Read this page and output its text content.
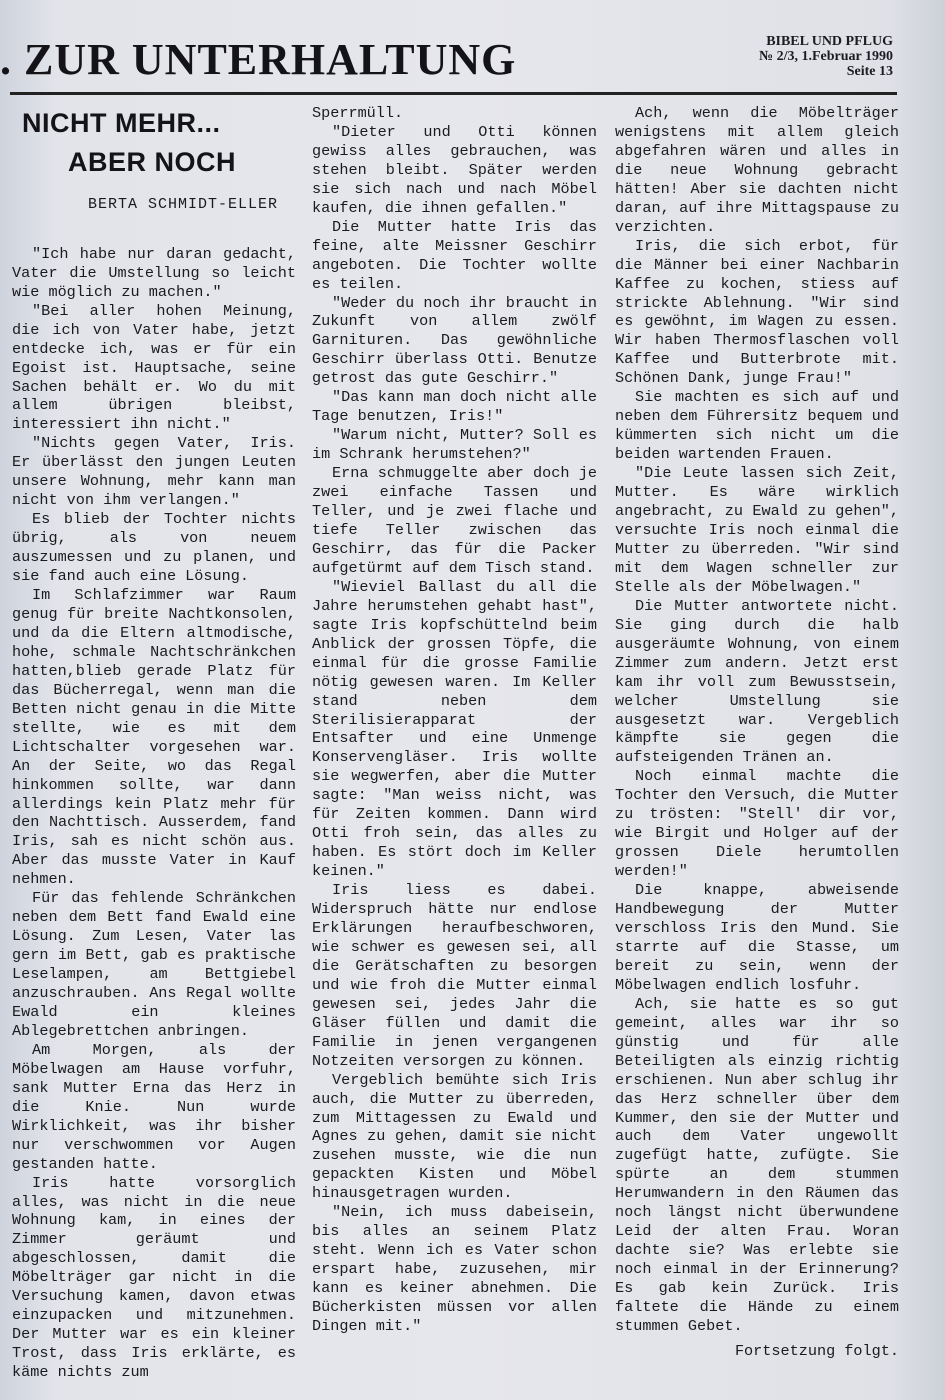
. ZUR UNTERHALTUNG	BIBEL UND PFLUG
№ 2/3, 1.Februar 1990
Seite 13
NICHT MEHR...
ABER NOCH
BERTA SCHMIDT-ELLER

"Ich habe nur daran gedacht, Vater die Umstellung so leicht wie möglich zu machen."

"Bei aller hohen Meinung, die ich von Vater habe, jetzt entdecke ich, was er für ein Egoist ist. Hauptsache, seine Sachen behält er. Wo du mit allem übrigen bleibst, interessiert ihn nicht."

"Nichts gegen Vater, Iris. Er überlässt den jungen Leuten unsere Wohnung, mehr kann man nicht von ihm verlangen."

Es blieb der Tochter nichts übrig, als von neuem auszumessen und zu planen, und sie fand auch eine Lösung.

Im Schlafzimmer war Raum genug für breite Nachtkonsolen, und da die Eltern altmodische, hohe, schmale Nachtschränkchen hatten,blieb gerade Platz für das Bücherregal, wenn man die Betten nicht genau in die Mitte stellte, wie es mit dem Lichtschalter vorgesehen war. An der Seite, wo das Regal hinkommen sollte, war dann allerdings kein Platz mehr für den Nachttisch. Ausserdem, fand Iris, sah es nicht schön aus. Aber das musste Vater in Kauf nehmen.

Für das fehlende Schränkchen neben dem Bett fand Ewald eine Lösung. Zum Lesen, Vater las gern im Bett, gab es praktische Leselampen, am Bettgiebel anzuschrauben. Ans Regal wollte Ewald ein kleines Ablegebrettchen anbringen.

Am Morgen, als der Möbelwagen am Hause vorfuhr, sank Mutter Erna das Herz in die Knie. Nun wurde Wirklichkeit, was ihr bisher nur verschwommen vor Augen gestanden hatte.

Iris hatte vorsorglich alles, was nicht in die neue Wohnung kam, in eines der Zimmer geräumt und abgeschlossen, damit die Möbelträger gar nicht in die Versuchung kamen, davon etwas einzupacken und mitzunehmen. Der Mutter war es ein kleiner Trost, dass Iris erklärte, es käme nichts zum

Sperrmüll.

"Dieter und Otti können gewiss alles gebrauchen, was stehen bleibt. Später werden sie sich nach und nach Möbel kaufen, die ihnen gefallen."

Die Mutter hatte Iris das feine, alte Meissner Geschirr angeboten. Die Tochter wollte es teilen.

"Weder du noch ihr braucht in Zukunft von allem zwölf Garnituren. Das gewöhnliche Geschirr überlass Otti. Benutze getrost das gute Geschirr."

"Das kann man doch nicht alle Tage benutzen, Iris!"

"Warum nicht, Mutter? Soll es im Schrank herumstehen?"

Erna schmuggelte aber doch je zwei einfache Tassen und Teller, und je zwei flache und tiefe Teller zwischen das Geschirr, das für die Packer aufgetürmt auf dem Tisch stand.

"Wieviel Ballast du all die Jahre herumstehen gehabt hast", sagte Iris kopfschüttelnd beim Anblick der grossen Töpfe, die einmal für die grosse Familie nötig gewesen waren. Im Keller stand neben dem Sterilisierapparat der Entsafter und eine Unmenge Konservengläser. Iris wollte sie wegwerfen, aber die Mutter sagte: "Man weiss nicht, was für Zeiten kommen. Dann wird Otti froh sein, das alles zu haben. Es stört doch im Keller keinen."

Iris liess es dabei. Widerspruch hätte nur endlose Erklärungen heraufbeschworen, wie schwer es gewesen sei, all die Gerätschaften zu besorgen und wie froh die Mutter einmal gewesen sei, jedes Jahr die Gläser füllen und damit die Familie in jenen vergangenen Notzeiten versorgen zu können.

Vergeblich bemühte sich Iris auch, die Mutter zu überreden, zum Mittagessen zu Ewald und Agnes zu gehen, damit sie nicht zusehen musste, wie die nun gepackten Kisten und Möbel hinausgetragen wurden.

"Nein, ich muss dabeisein, bis alles an seinem Platz steht. Wenn ich es Vater schon erspart habe, zuzusehen, mir kann es keiner abnehmen. Die Bücherkisten müssen vor allen Dingen mit."

Ach, wenn die Möbelträger wenigstens mit allem gleich abgefahren wären und alles in die neue Wohnung gebracht hätten! Aber sie dachten nicht daran, auf ihre Mittagspause zu verzichten.

Iris, die sich erbot, für die Männer bei einer Nachbarin Kaffee zu kochen, stiess auf strickte Ablehnung. "Wir sind es gewöhnt, im Wagen zu essen. Wir haben Thermosflaschen voll Kaffee und Butterbrote mit. Schönen Dank, junge Frau!"

Sie machten es sich auf und neben dem Führersitz bequem und kümmerten sich nicht um die beiden wartenden Frauen.

"Die Leute lassen sich Zeit, Mutter. Es wäre wirklich angebracht, zu Ewald zu gehen", versuchte Iris noch einmal die Mutter zu überreden. "Wir sind mit dem Wagen schneller zur Stelle als der Möbelwagen."

Die Mutter antwortete nicht. Sie ging durch die halb ausgeräumte Wohnung, von einem Zimmer zum andern. Jetzt erst kam ihr voll zum Bewusstsein, welcher Umstellung sie ausgesetzt war. Vergeblich kämpfte sie gegen die aufsteigenden Tränen an.

Noch einmal machte die Tochter den Versuch, die Mutter zu trösten: "Stell' dir vor, wie Birgit und Holger auf der grossen Diele herumtollen werden!"

Die knappe, abweisende Handbewegung der Mutter verschloss Iris den Mund. Sie starrte auf die Stasse, um bereit zu sein, wenn der Möbelwagen endlich losfuhr.

Ach, sie hatte es so gut gemeint, alles war ihr so günstig und für alle Beteiligten als einzig richtig erschienen. Nun aber schlug ihr das Herz schneller über dem Kummer, den sie der Mutter und auch dem Vater ungewollt zugefügt hatte, zufügte. Sie spürte an dem stummen Herumwandern in den Räumen das noch längst nicht überwundene Leid der alten Frau. Woran dachte sie? Was erlebte sie noch einmal in der Erinnerung? Es gab kein Zurück. Iris faltete die Hände zu einem stummen Gebet.

Fortsetzung folgt.
